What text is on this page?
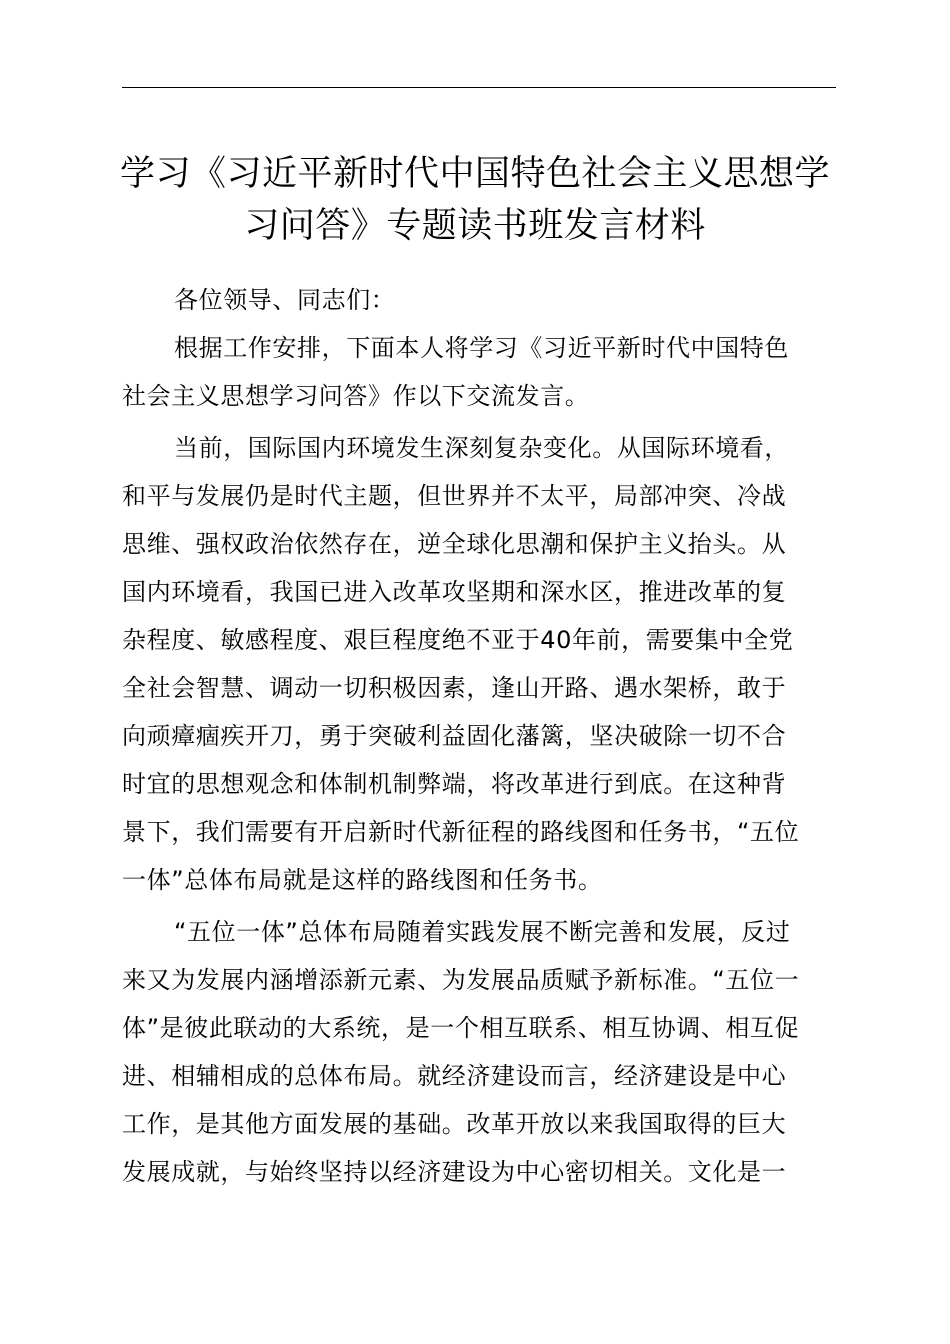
学习《习近平新时代中国特色社会主义思想学
习问答》专题读书班发言材料
各位领导、同志们：
根据工作安排，下面本人将学习《习近平新时代中国特色
社会主义思想学习问答》作以下交流发言。
当前，国际国内环境发生深刻复杂变化。从国际环境看，
和平与发展仍是时代主题，但世界并不太平，局部冲突、冷战
思维、强权政治依然存在，逆全球化思潮和保护主义抬头。从
国内环境看，我国已进入改革攻坚期和深水区，推进改革的复
杂程度、敏感程度、艰巨程度绝不亚于40年前，需要集中全党
全社会智慧、调动一切积极因素，逢山开路、遇水架桥，敢于
向顽瘴痼疾开刀，勇于突破利益固化藩篱，坚决破除一切不合
时宜的思想观念和体制机制弊端，将改革进行到底。在这种背
景下，我们需要有开启新时代新征程的路线图和任务书，“五位
一体”总体布局就是这样的路线图和任务书。
“五位一体”总体布局随着实践发展不断完善和发展，反过
来又为发展内涵增添新元素、为发展品质赋予新标准。“五位一
体”是彼此联动的大系统，是一个相互联系、相互协调、相互促
进、相辅相成的总体布局。就经济建设而言，经济建设是中心
工作，是其他方面发展的基础。改革开放以来我国取得的巨大
发展成就，与始终坚持以经济建设为中心密切相关。文化是一
